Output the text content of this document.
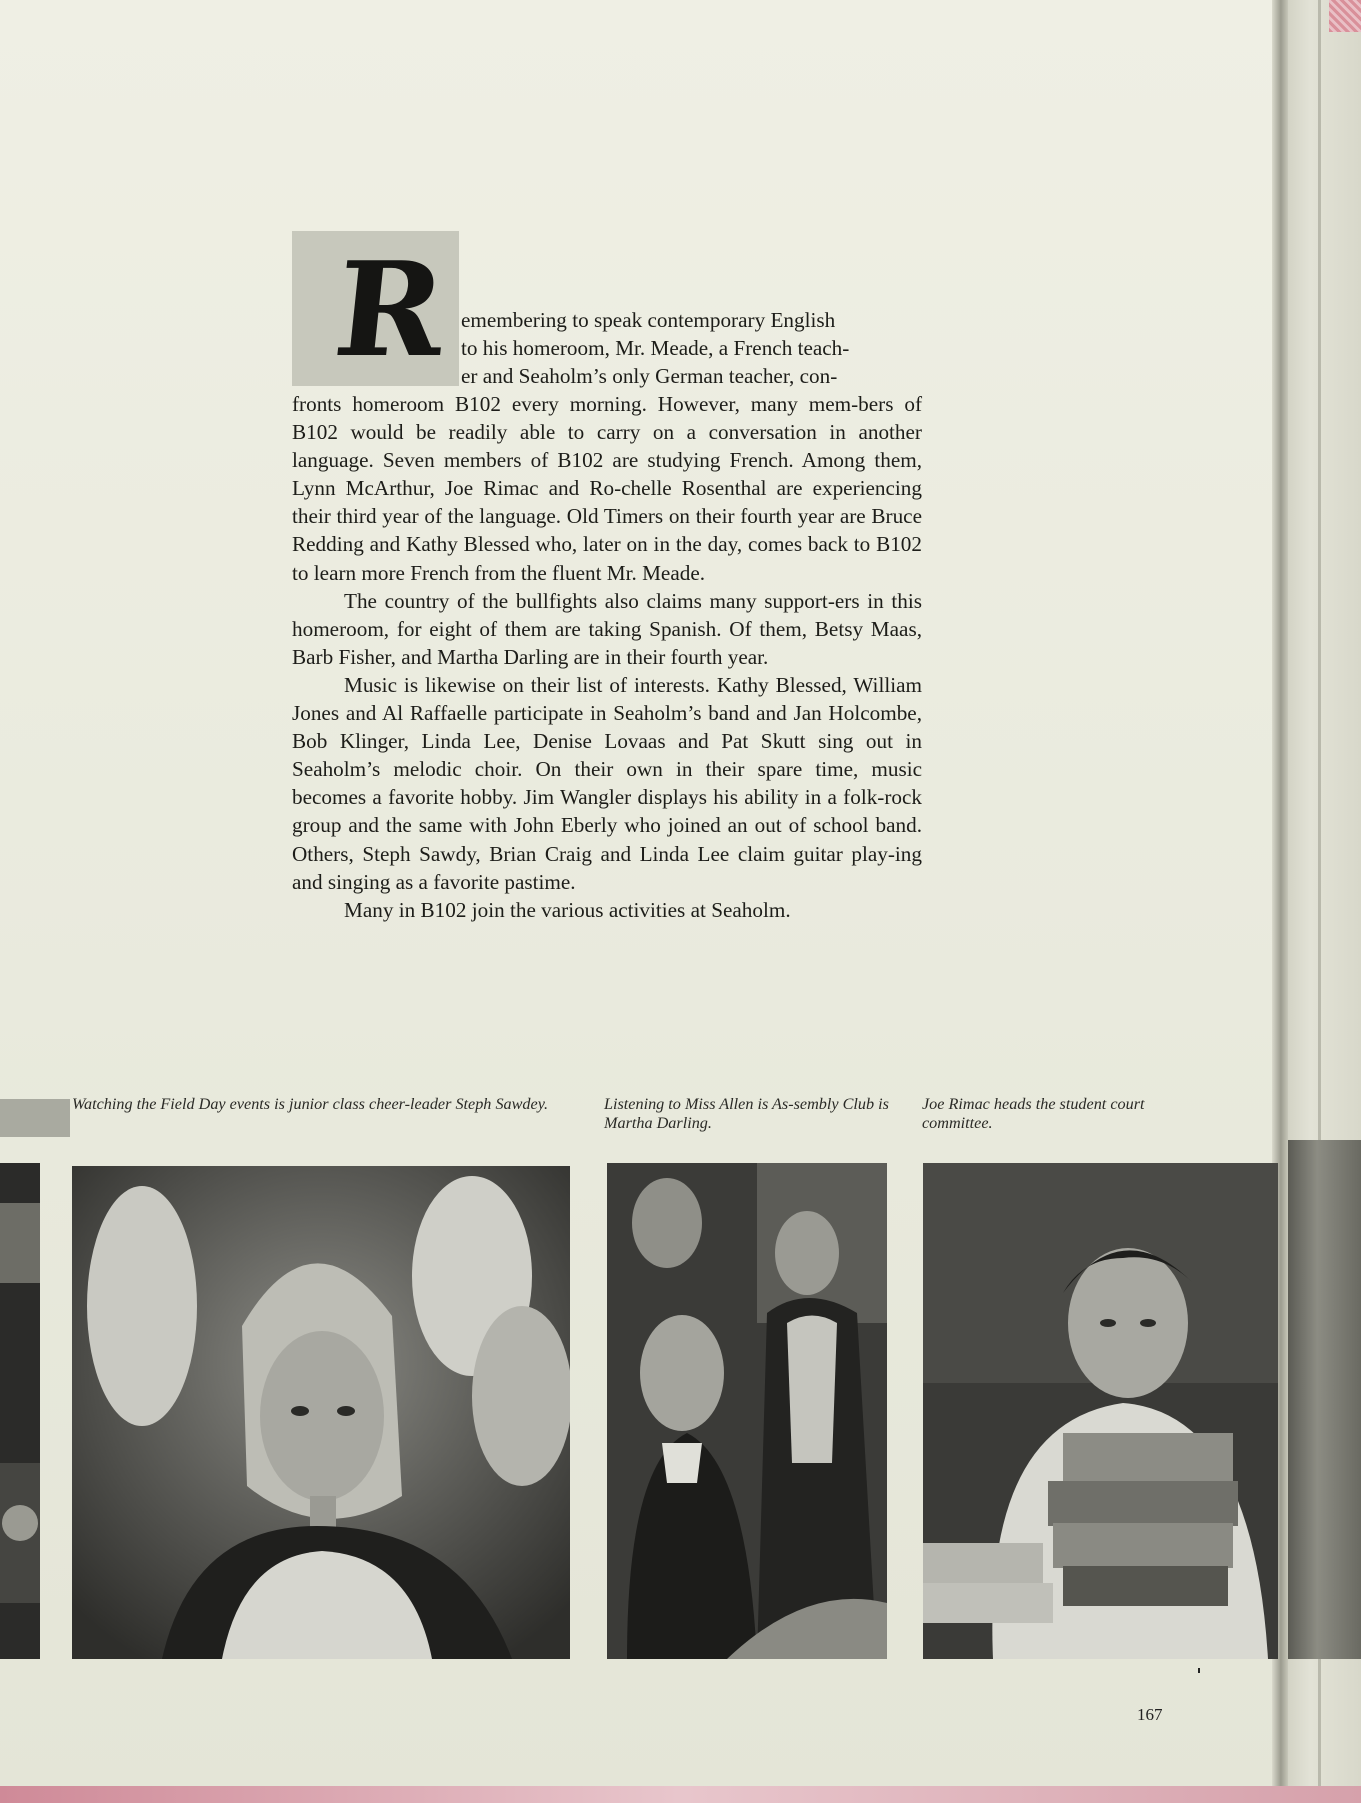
R emembering to speak contemporary English

to his homeroom, Mr. Meade, a French teach-

er and Seaholm’s only German teacher, con-

fronts homeroom B102 every morning. However, many mem-bers of B102 would be readily able to carry on a conversation in another language. Seven members of B102 are studying French. Among them, Lynn McArthur, Joe Rimac and Ro-chelle Rosenthal are experiencing their third year of the language. Old Timers on their fourth year are Bruce Redding and Kathy Blessed who, later on in the day, comes back to B102 to learn more French from the fluent Mr. Meade.

The country of the bullfights also claims many support-ers in this homeroom, for eight of them are taking Spanish. Of them, Betsy Maas, Barb Fisher, and Martha Darling are in their fourth year.

Music is likewise on their list of interests. Kathy Blessed, William Jones and Al Raffaelle participate in Seaholm’s band and Jan Holcombe, Bob Klinger, Linda Lee, Denise Lovaas and Pat Skutt sing out in Seaholm’s melodic choir. On their own in their spare time, music becomes a favorite hobby. Jim Wangler displays his ability in a folk-rock group and the same with John Eberly who joined an out of school band. Others, Steph Sawdy, Brian Craig and Linda Lee claim guitar play-ing and singing as a favorite pastime.

Many in B102 join the various activities at Seaholm.

Watching the Field Day events is junior class cheer-leader Steph Sawdey.	Listening to Miss Allen is As-sembly Club is Martha Darling.
Joe Rimac heads the student court committee.
167
